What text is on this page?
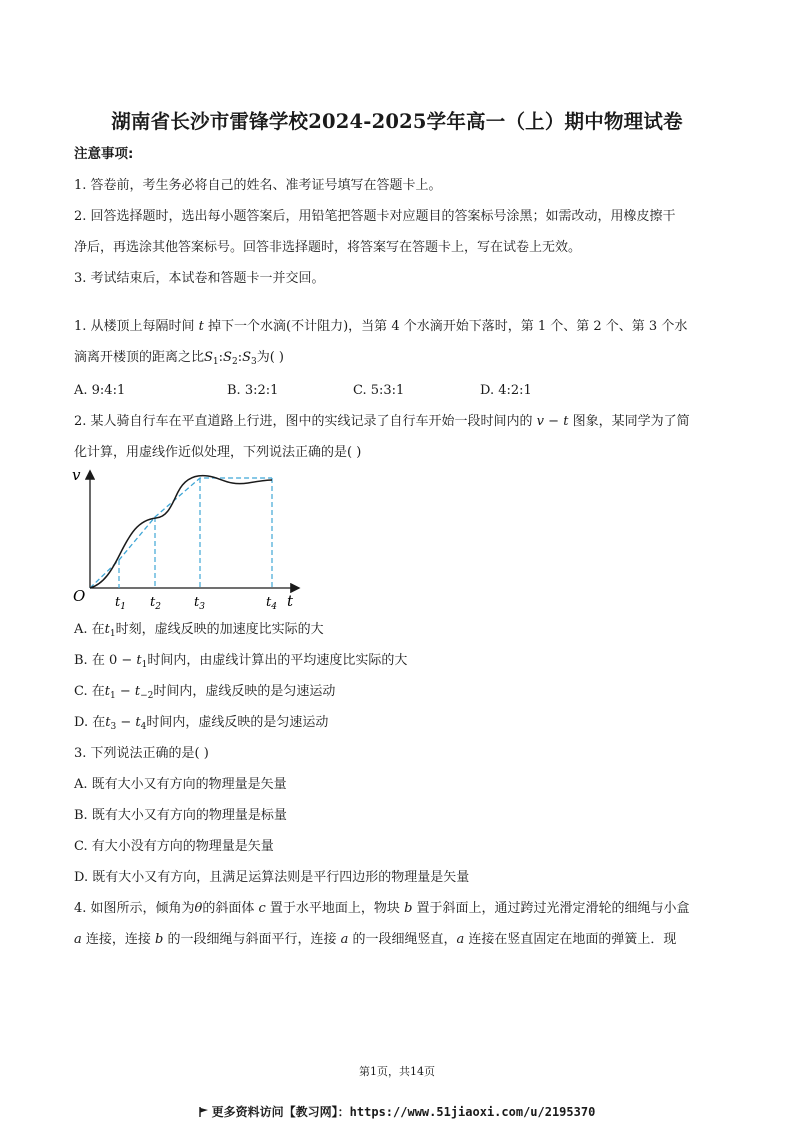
湖南省长沙市雷锋学校2024-2025学年高一（上）期中物理试卷
注意事项:
1. 答卷前，考生务必将自己的姓名、准考证号填写在答题卡上。
2. 回答选择题时，选出每小题答案后，用铅笔把答题卡对应题目的答案标号涂黑；如需改动，用橡皮擦干
净后，再选涂其他答案标号。回答非选择题时，将答案写在答题卡上，写在试卷上无效。
3. 考试结束后，本试卷和答题卡一并交回。
1. 从楼顶上每隔时间 t 掉下一个水滴(不计阻力)，当第 4 个水滴开始下落时，第 1 个、第 2 个、第 3 个水
滴离开楼顶的距离之比$S_1:S_2:S_3$为( )
A. 9:4:1	B. 3:2:1	C. 5:3:1	D. 4:2:1
2. 某人骑自行车在平直道路上行进，图中的实线记录了自行车开始一段时间内的 v − t 图象，某同学为了简
化计算，用虚线作近似处理，下列说法正确的是( )
v
t
O $t_1$ $t_2$	$t_3$	$t_4$
A. 在$t_1$时刻，虚线反映的加速度比实际的大
B. 在 $0 - t_1$时间内，由虚线计算出的平均速度比实际的大
C. 在$t_1 - t_{-2}$时间内，虚线反映的是匀速运动
D. 在$t_3 - t_4$时间内，虚线反映的是匀速运动
3. 下列说法正确的是( )
A. 既有大小又有方向的物理量是矢量
B. 既有大小又有方向的物理量是标量
C. 有大小没有方向的物理量是矢量
D. 既有大小又有方向，且满足运算法则是平行四边形的物理量是矢量
4. 如图所示，倾角为θ的斜面体 c 置于水平地面上，物块 b 置于斜面上，通过跨过光滑定滑轮的细绳与小盒
a 连接，连接 b 的一段细绳与斜面平行，连接 a 的一段细绳竖直，a 连接在竖直固定在地面的弹簧上．现
第1页，共14页
更多资料访问【教习网】：https://www.51jiaoxi.com/u/2195370
